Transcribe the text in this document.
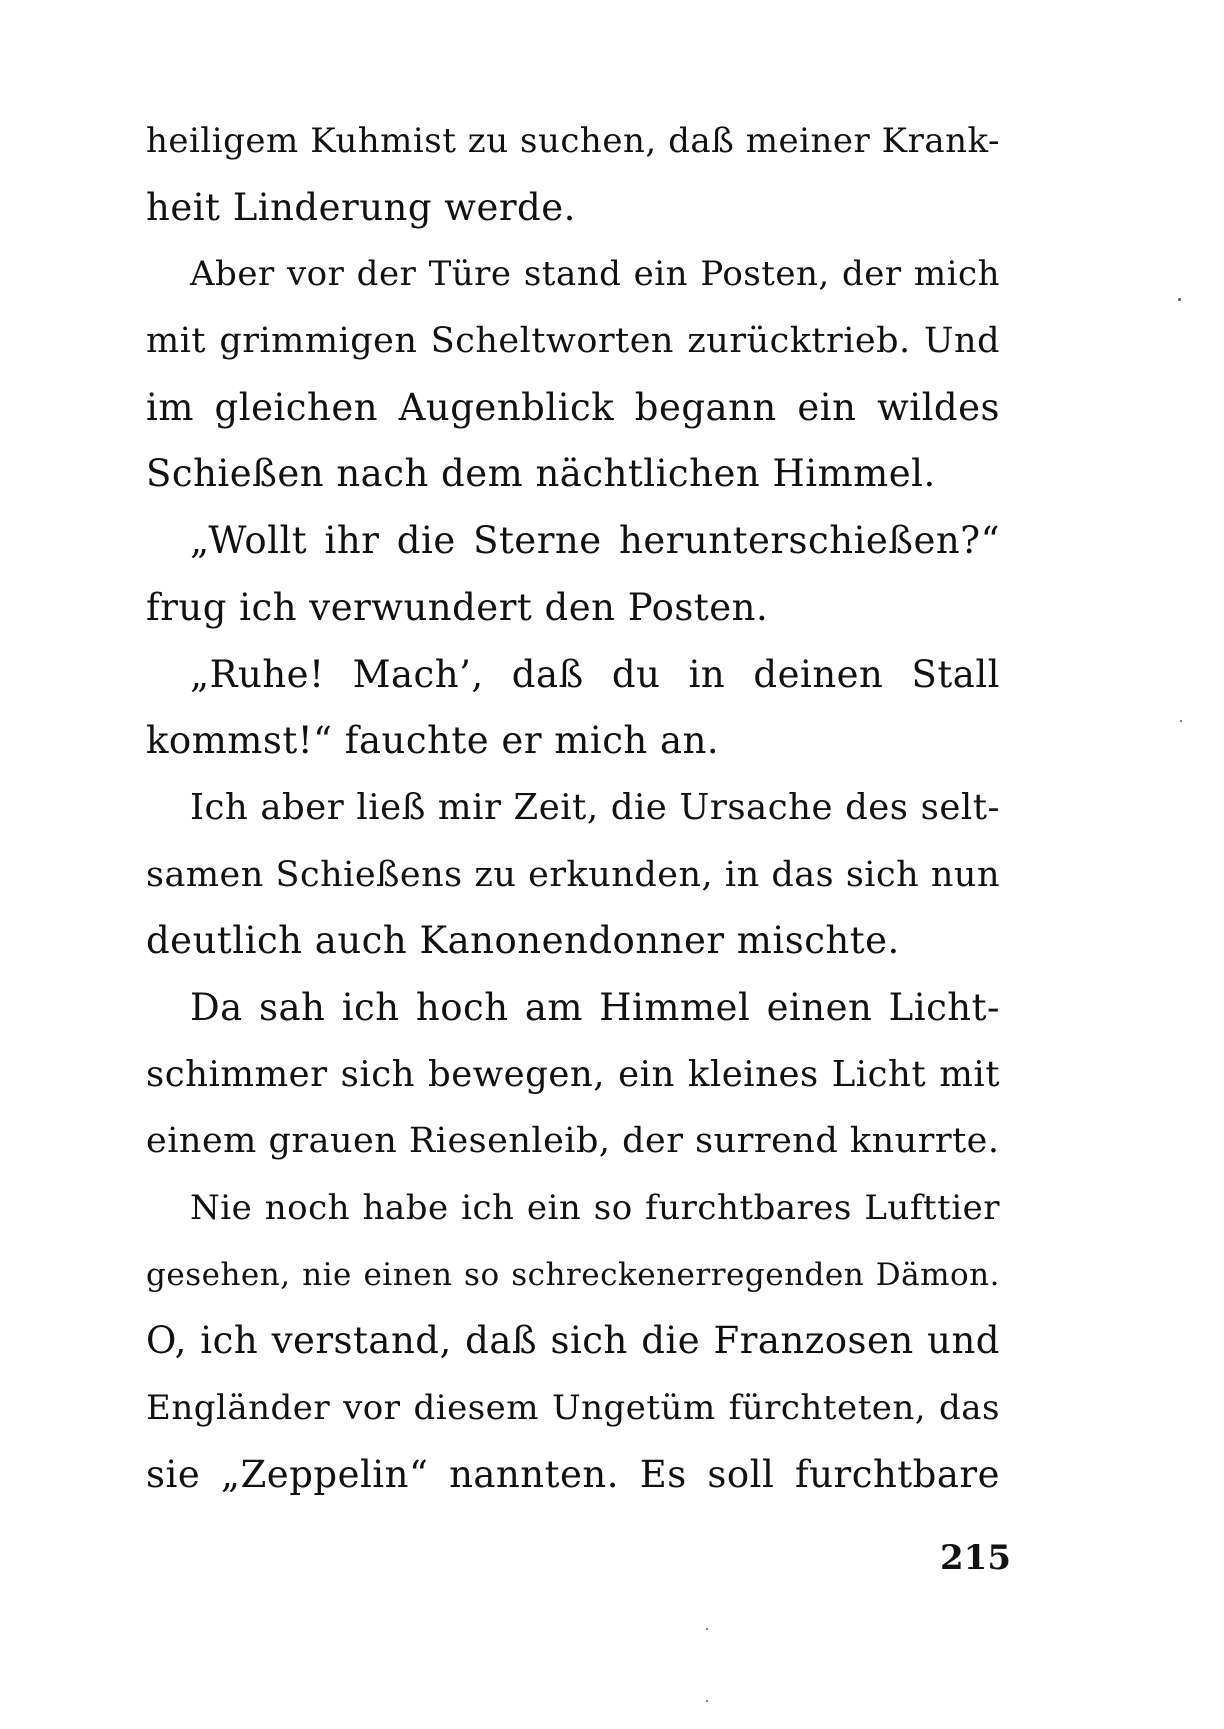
heiligem Kuhmist zu suchen, daß meiner Krank-
heit Linderung werde.
Aber vor der Türe stand ein Posten, der mich
mit grimmigen Scheltworten zurücktrieb. Und
im gleichen Augenblick begann ein wildes
Schießen nach dem nächtlichen Himmel.
„Wollt ihr die Sterne herunterschießen?“
frug ich verwundert den Posten.
„Ruhe! Mach’, daß du in deinen Stall
kommst!“ fauchte er mich an.
Ich aber ließ mir Zeit, die Ursache des selt-
samen Schießens zu erkunden, in das sich nun
deutlich auch Kanonendonner mischte.
Da sah ich hoch am Himmel einen Licht-
schimmer sich bewegen, ein kleines Licht mit
einem grauen Riesenleib, der surrend knurrte.
Nie noch habe ich ein so furchtbares Lufttier
gesehen, nie einen so schreckenerregenden Dämon.
O, ich verstand, daß sich die Franzosen und
Engländer vor diesem Ungetüm fürchteten, das
sie „Zeppelin“ nannten. Es soll furchtbare
215
